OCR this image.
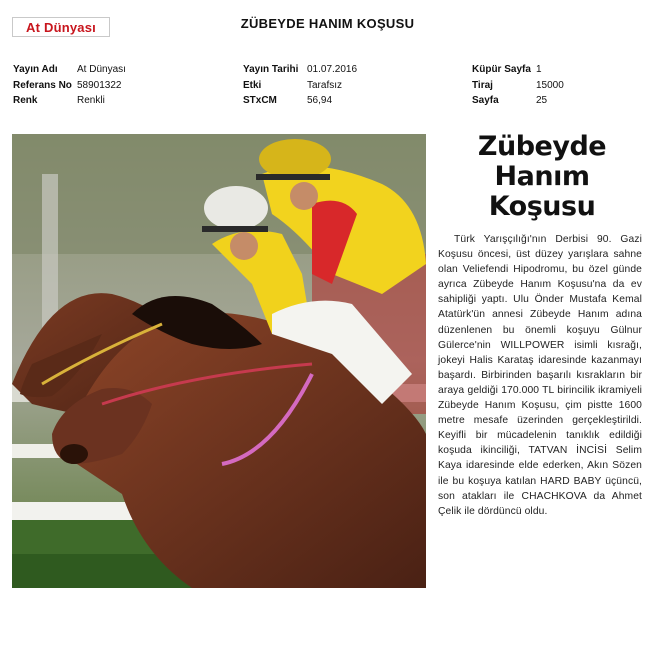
At Dünyası	ZÜBEYDE HANIM KOŞUSU
Yayın Adı	At Dünyası
Referans No 58901322
Renk	Renkli
Yayın Tarihi 01.07.2016
Etki	Tarafsız
STxCM	56,94
Küpür Sayfa 1
Tiraj	15000
Sayfa	25
Zübeyde
Hanım
Koşusu
Türk Yarışçılığı'nın Derbisi 90. Gazi Koşusu öncesi, üst düzey yarışlara sahne olan Veliefendi Hipodromu, bu özel günde ayrıca Zübeyde Hanım Koşusu'na da ev sahipliği yaptı. Ulu Önder Mustafa Kemal Atatürk'ün annesi Zübeyde Hanım adına düzenlenen bu önemli koşuyu Gülnur Gülerce'nin WILLPOWER isimli kısrağı, jokeyi Halis Karataş idaresinde kazanmayı başardı. Birbirinden başarılı kısrakların bir araya geldiği 170.000 TL birincilik ikramiyeli Zübeyde Hanım Koşusu, çim pistte 1600 metre mesafe üzerinden gerçekleştirildi. Keyifli bir mücadelenin tanıklık edildiği koşuda ikinciliği, TATVAN İNCİSİ Selim Kaya idaresinde elde ederken, Akın Sözen ile bu koşuya katılan HARD BABY üçüncü, son atakları ile CHACHKOVA da Ahmet Çelik ile dördüncü oldu.
